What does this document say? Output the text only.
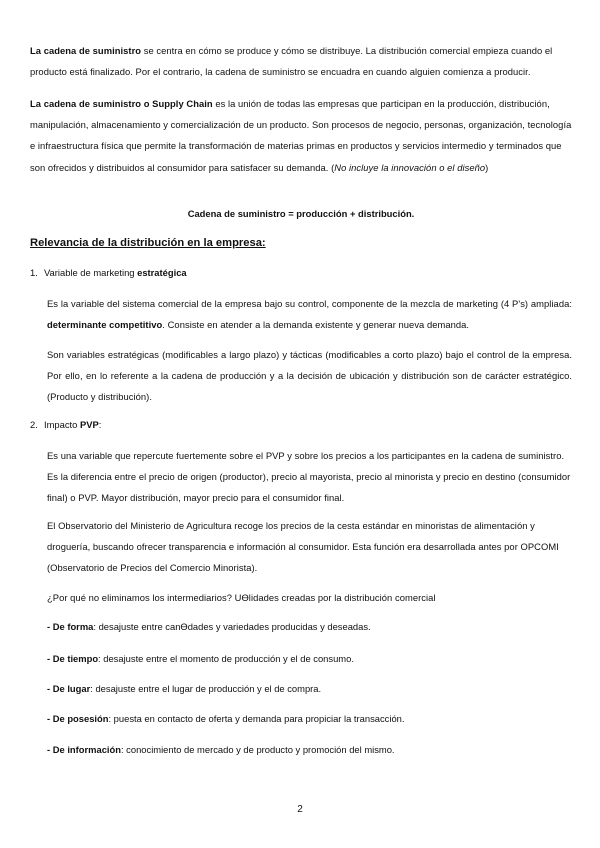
La cadena de suministro se centra en cómo se produce y cómo se distribuye. La distribución comercial empieza cuando el producto está finalizado. Por el contrario, la cadena de suministro se encuadra en cuando alguien comienza a producir.

La cadena de suministro o Supply Chain es la unión de todas las empresas que participan en la producción, distribución, manipulación, almacenamiento y comercialización de un producto. Son procesos de negocio, personas, organización, tecnología e infraestructura física que permite la transformación de materias primas en productos y servicios intermedio y terminados que son ofrecidos y distribuidos al consumidor para satisfacer su demanda. (No incluye la innovación o el diseño)

Cadena de suministro = producción + distribución.

Relevancia de la distribución en la empresa:

1. Variable de marketing estratégica

Es la variable del sistema comercial de la empresa bajo su control, componente de la mezcla de marketing (4 P's) ampliada: determinante competitivo. Consiste en atender a la demanda existente y generar nueva demanda.

Son variables estratégicas (modificables a largo plazo) y tácticas (modificables a corto plazo) bajo el control de la empresa. Por ello, en lo referente a la cadena de producción y a la decisión de ubicación y distribución son de carácter estratégico. (Producto y distribución).

2. Impacto PVP:

Es una variable que repercute fuertemente sobre el PVP y sobre los precios a los participantes en la cadena de suministro. Es la diferencia entre el precio de origen (productor), precio al mayorista, precio al minorista y precio en destino (consumidor final) o PVP. Mayor distribución, mayor precio para el consumidor final.

El Observatorio del Ministerio de Agricultura recoge los precios de la cesta estándar en minoristas de alimentación y droguería, buscando ofrecer transparencia e información al consumidor. Esta función era desarrollada antes por OPCOMI (Observatorio de Precios del Comercio Minorista).

¿Por qué no eliminamos los intermediarios? UƟlidades creadas por la distribución comercial

- De forma: desajuste entre canƟdades y variedades producidas y deseadas.

- De tiempo: desajuste entre el momento de producción y el de consumo.

- De lugar: desajuste entre el lugar de producción y el de compra.

- De posesión: puesta en contacto de oferta y demanda para propiciar la transacción.

- De información: conocimiento de mercado y de producto y promoción del mismo.

2
